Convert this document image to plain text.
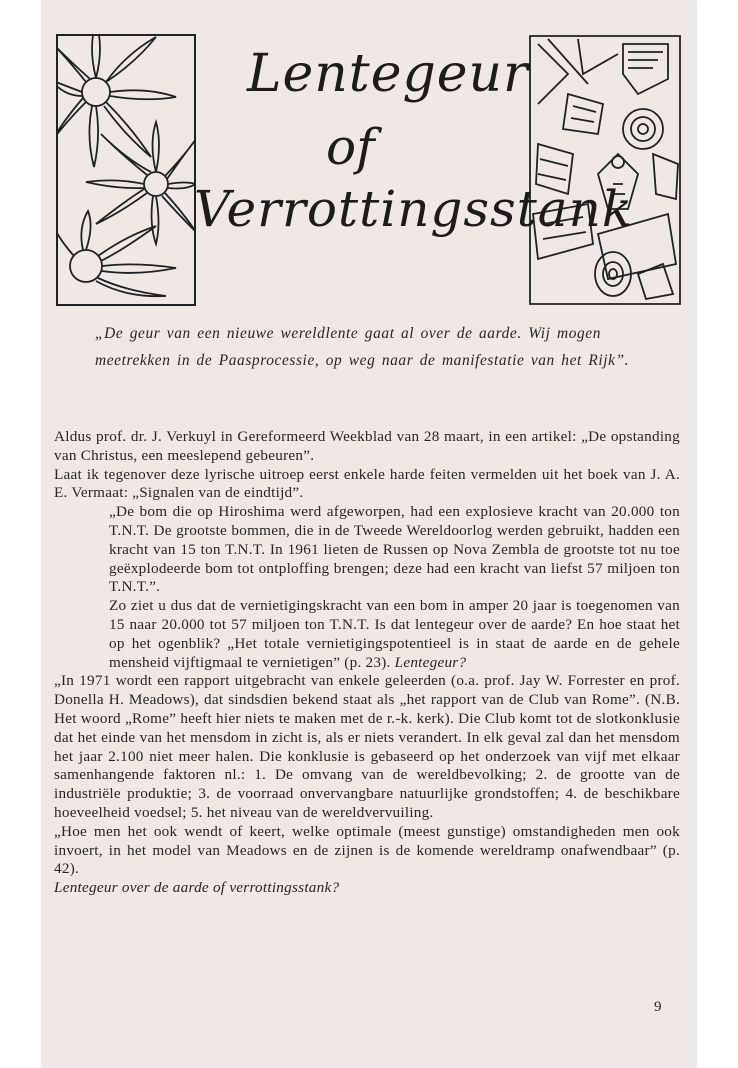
Lentegeur
of
Verrottingsstank

„De geur van een nieuwe wereldlente gaat al over de aarde. Wij mogen meetrekken in de Paasprocessie, op weg naar de manifestatie van het Rijk”.

Aldus prof. dr. J. Verkuyl in Gereformeerd Weekblad van 28 maart, in een artikel: „De opstanding van Christus, een meeslepend gebeuren”.

Laat ik tegenover deze lyrische uitroep eerst enkele harde feiten vermelden uit het boek van J. A. E. Vermaat: „Signalen van de eindtijd”.

„De bom die op Hiroshima werd afgeworpen, had een explosieve kracht van 20.000 ton T.N.T. De grootste bommen, die in de Tweede Wereldoorlog werden gebruikt, hadden een kracht van 15 ton T.N.T. In 1961 lieten de Russen op Nova Zembla de grootste tot nu toe geëxplodeerde bom tot ontploffing brengen; deze had een kracht van liefst 57 miljoen ton T.N.T.”.

Zo ziet u dus dat de vernietigingskracht van een bom in amper 20 jaar is toegenomen van 15 naar 20.000 tot 57 miljoen ton T.N.T. Is dat lentegeur over de aarde? En hoe staat het op het ogenblik? „Het totale vernietigingspotentieel is in staat de aarde en de gehele mensheid vijftigmaal te vernietigen” (p. 23). Lentegeur?

„In 1971 wordt een rapport uitgebracht van enkele geleerden (o.a. prof. Jay W. Forrester en prof. Donella H. Meadows), dat sindsdien bekend staat als „het rapport van de Club van Rome”. (N.B. Het woord „Rome” heeft hier niets te maken met de r.-k. kerk). Die Club komt tot de slotkonklusie dat het einde van het mensdom in zicht is, als er niets verandert. In elk geval zal dan het mensdom het jaar 2.100 niet meer halen. Die konklusie is gebaseerd op het onderzoek van vijf met elkaar samenhangende faktoren nl.: 1. De omvang van de wereldbevolking; 2. de grootte van de industriële produktie; 3. de voorraad onvervangbare natuurlijke grondstoffen; 4. de beschikbare hoeveelheid voedsel; 5. het niveau van de wereldvervuiling.

„Hoe men het ook wendt of keert, welke optimale (meest gunstige) omstandigheden men ook invoert, in het model van Meadows en de zijnen is de komende wereldramp onafwendbaar” (p. 42).

Lentegeur over de aarde of verrottingsstank?

9
